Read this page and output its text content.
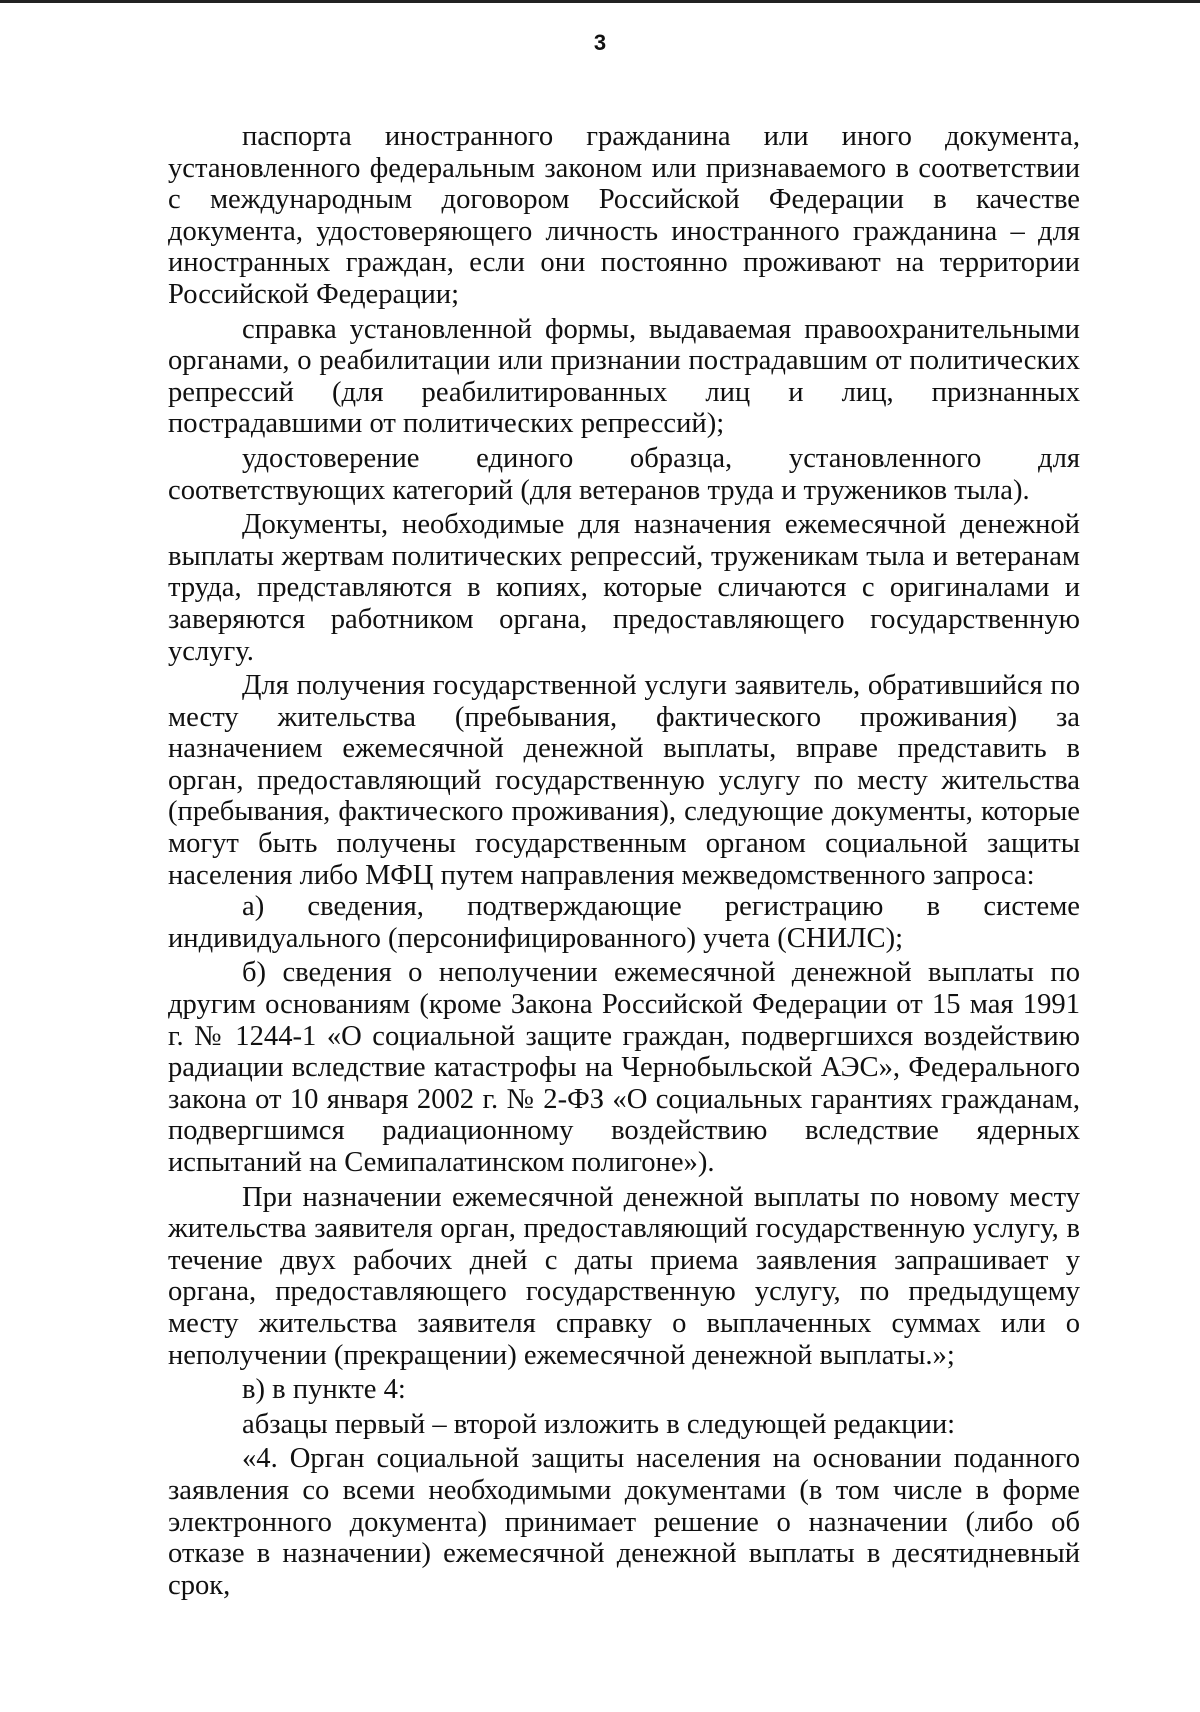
3

паспорта иностранного гражданина или иного документа, установленного федеральным законом или признаваемого в соответствии с международным договором Российской Федерации в качестве документа, удостоверяющего личность иностранного гражданина – для иностранных граждан, если они постоянно проживают на территории Российской Федерации;

справка установленной формы, выдаваемая правоохранительными органами, о реабилитации или признании пострадавшим от политических репрессий (для реабилитированных лиц и лиц, признанных пострадавшими от политических репрессий);

удостоверение единого образца, установленного для соответствующих категорий (для ветеранов труда и тружеников тыла).

Документы, необходимые для назначения ежемесячной денежной выплаты жертвам политических репрессий, труженикам тыла и ветеранам труда, представляются в копиях, которые сличаются с оригиналами и заверяются работником органа, предоставляющего государственную услугу.

Для получения государственной услуги заявитель, обратившийся по месту жительства (пребывания, фактического проживания) за назначением ежемесячной денежной выплаты, вправе представить в орган, предоставляющий государственную услугу по месту жительства (пребывания, фактического проживания), следующие документы, которые могут быть получены государственным органом социальной защиты населения либо МФЦ путем направления межведомственного запроса:

а) сведения, подтверждающие регистрацию в системе индивидуального (персонифицированного) учета (СНИЛС);

б) сведения о неполучении ежемесячной денежной выплаты по другим основаниям (кроме Закона Российской Федерации от 15 мая 1991 г. № 1244-1 «О социальной защите граждан, подвергшихся воздействию радиации вследствие катастрофы на Чернобыльской АЭС», Федерального закона от 10 января 2002 г. № 2-ФЗ «О социальных гарантиях гражданам, подвергшимся радиационному воздействию вследствие ядерных испытаний на Семипалатинском полигоне»).

При назначении ежемесячной денежной выплаты по новому месту жительства заявителя орган, предоставляющий государственную услугу, в течение двух рабочих дней с даты приема заявления запрашивает у органа, предоставляющего государственную услугу, по предыдущему месту жительства заявителя справку о выплаченных суммах или о неполучении (прекращении) ежемесячной денежной выплаты.»;

в) в пункте 4:

абзацы первый – второй изложить в следующей редакции:

«4. Орган социальной защиты населения на основании поданного заявления со всеми необходимыми документами (в том числе в форме электронного документа) принимает решение о назначении (либо об отказе в назначении) ежемесячной денежной выплаты в десятидневный срок,
